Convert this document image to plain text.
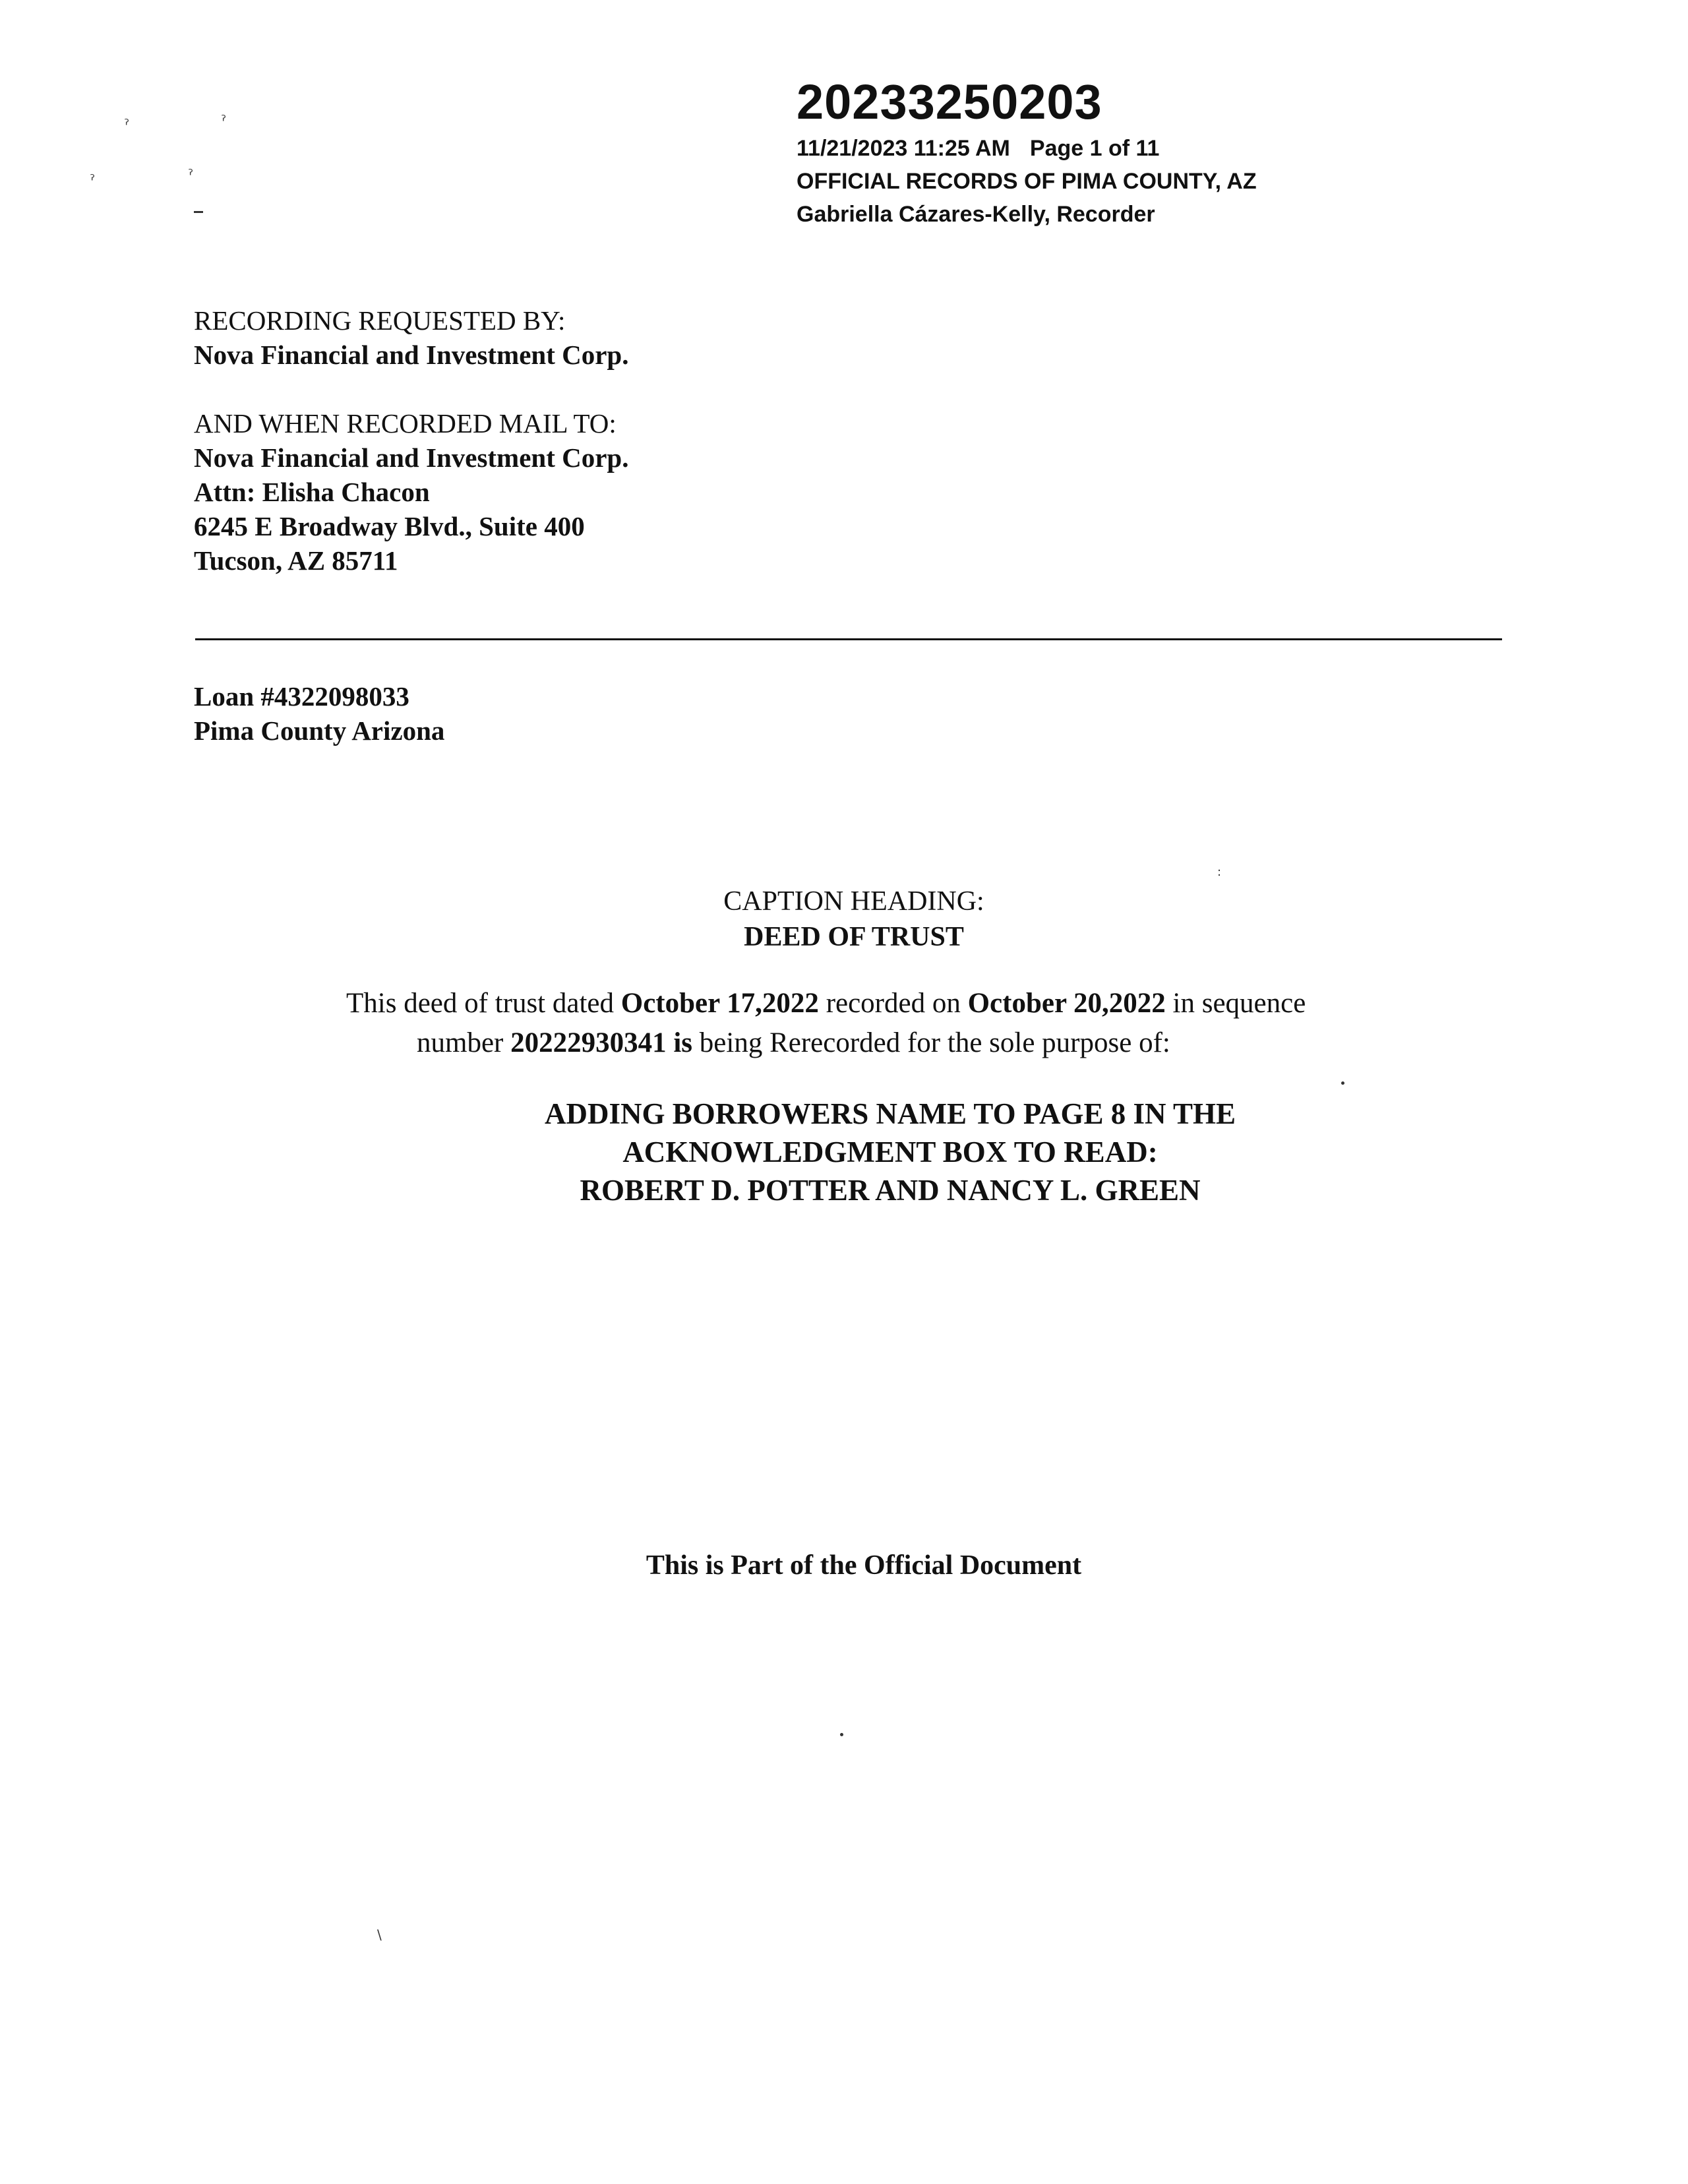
ˀ	ˀ
ˀ	ˀ
20233250203
11/21/2023 11:25 AM Page 1 of 11
OFFICIAL RECORDS OF PIMA COUNTY, AZ
Gabriella Cázares-Kelly, Recorder
RECORDING REQUESTED BY:
Nova Financial and Investment Corp.
AND WHEN RECORDED MAIL TO:
Nova Financial and Investment Corp.
Attn: Elisha Chacon
6245 E Broadway Blvd., Suite 400
Tucson, AZ 85711
Loan #4322098033
Pima County Arizona
CAPTION HEADING:
DEED OF TRUST
This deed of trust dated October 17,2022 recorded on October 20,2022 in sequence
number 20222930341 is being Rerecorded for the sole purpose of:
ADDING BORROWERS NAME TO PAGE 8 IN THE
ACKNOWLEDGMENT BOX TO READ:
ROBERT D. POTTER AND NANCY L. GREEN
This is Part of the Official Document
:
\
